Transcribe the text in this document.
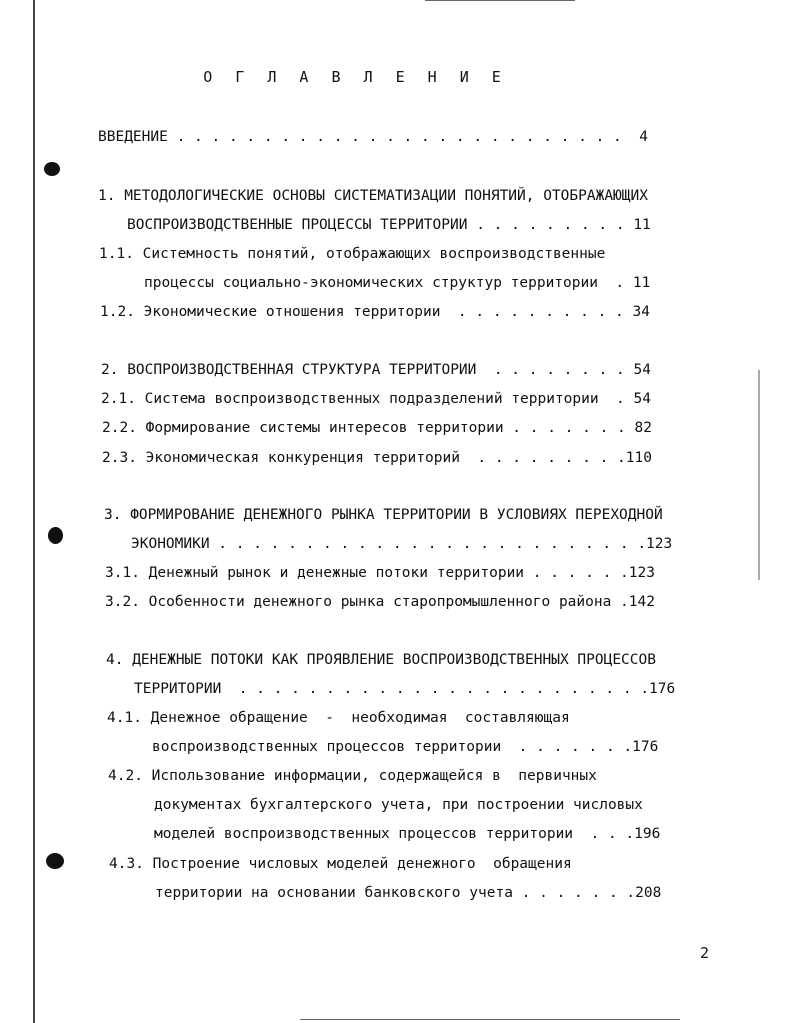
О Г Л А В Л Е Н И Е
ВВЕДЕНИЕ . . . . . . . . . . . . . . . . . . . . . . . . . .  4
1. МЕТОДОЛОГИЧЕСКИЕ ОСНОВЫ СИСТЕМАТИЗАЦИИ ПОНЯТИЙ, ОТОБРАЖАЮЩИХ
ВОСПРОИЗВОДСТВЕННЫЕ ПРОЦЕССЫ ТЕРРИТОРИИ . . . . . . . . . 11
1.1. Системность понятий, отображающих воспроизводственные
процессы социально-экономических структур территории  . 11
1.2. Экономические отношения территории  . . . . . . . . . . 34
2. ВОСПРОИЗВОДСТВЕННАЯ СТРУКТУРА ТЕРРИТОРИИ  . . . . . . . . 54
2.1. Система воспроизводственных подразделений территории  . 54
2.2. Формирование системы интересов территории . . . . . . . 82
2.3. Экономическая конкуренция территорий  . . . . . . . . .110
3. ФОРМИРОВАНИЕ ДЕНЕЖНОГО РЫНКА ТЕРРИТОРИИ В УСЛОВИЯХ ПЕРЕХОДНОЙ
ЭКОНОМИКИ . . . . . . . . . . . . . . . . . . . . . . . . .123
3.1. Денежный рынок и денежные потоки территории . . . . . .123
3.2. Особенности денежного рынка старопромышленного района .142
4. ДЕНЕЖНЫЕ ПОТОКИ КАК ПРОЯВЛЕНИЕ ВОСПРОИЗВОДСТВЕННЫХ ПРОЦЕССОВ
ТЕРРИТОРИИ  . . . . . . . . . . . . . . . . . . . . . . . .176
4.1. Денежное обращение  -  необходимая  составляющая
воспроизводственных процессов территории  . . . . . . .176
4.2. Использование информации, содержащейся в  первичных
документах бухгалтерского учета, при построении числовых
моделей воспроизводственных процессов территории  . . .196
4.3. Построение числовых моделей денежного  обращения
территории на основании банковского учета . . . . . . .208
2
